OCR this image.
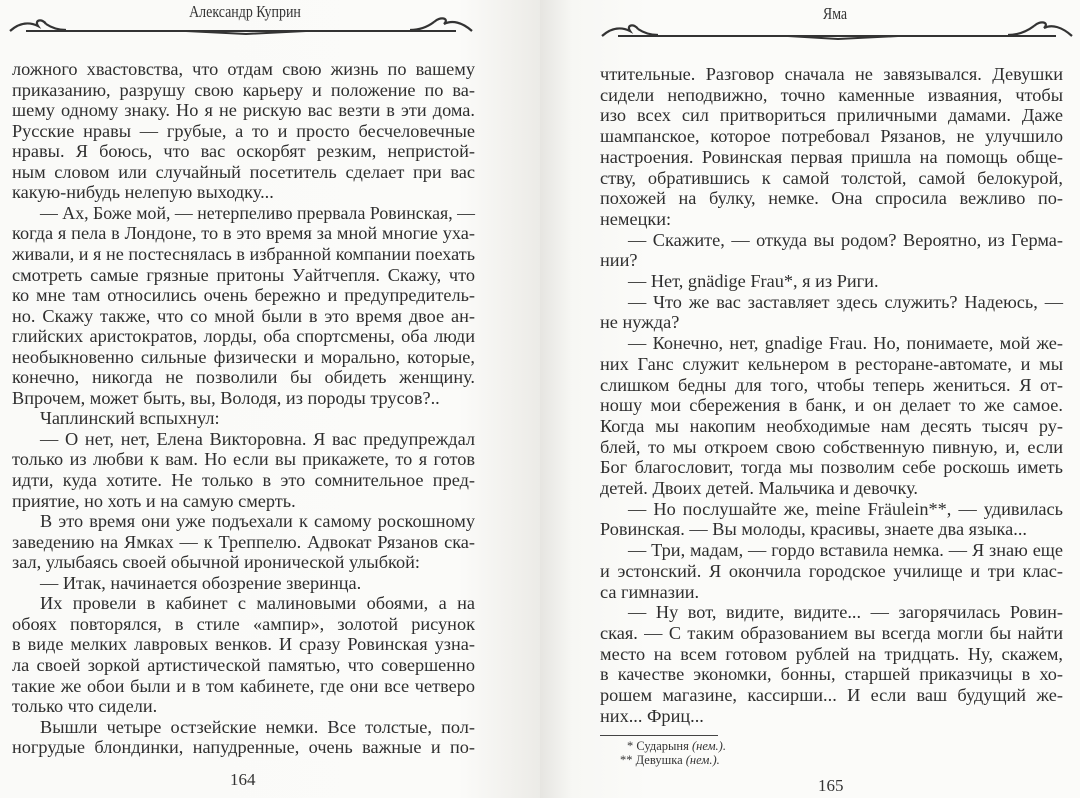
Александр Куприн
ложного хвастовства, что отдам свою жизнь по вашему
приказанию, разрушу свою карьеру и положение по ва-
шему одному знаку. Но я не рискую вас везти в эти дома.
Русские нравы — грубые, а то и просто бесчеловечные
нравы. Я боюсь, что вас оскорбят резким, непристой-
ным словом или случайный посетитель сделает при вас
какую-нибудь нелепую выходку...
— Ах, Боже мой, — нетерпеливо прервала Ровинская, —
когда я пела в Лондоне, то в это время за мной многие уха-
живали, и я не постеснялась в избранной компании поехать
смотреть самые грязные притоны Уайтчепля. Скажу, что
ко мне там относились очень бережно и предупредитель-
но. Скажу также, что со мной были в это время двое ан-
глийских аристократов, лорды, оба спортсмены, оба люди
необыкновенно сильные физически и морально, которые,
конечно, никогда не позволили бы обидеть женщину.
Впрочем, может быть, вы, Володя, из породы трусов?..
Чаплинский вспыхнул:
— О нет, нет, Елена Викторовна. Я вас предупреждал
только из любви к вам. Но если вы прикажете, то я готов
идти, куда хотите. Не только в это сомнительное пред-
приятие, но хоть и на самую смерть.
В это время они уже подъехали к самому роскошному
заведению на Ямках — к Треппелю. Адвокат Рязанов ска-
зал, улыбаясь своей обычной иронической улыбкой:
— Итак, начинается обозрение зверинца.
Их провели в кабинет с малиновыми обоями, а на
обоях повторялся, в стиле «ампир», золотой рисунок
в виде мелких лавровых венков. И сразу Ровинская узна-
ла своей зоркой артистической памятью, что совершенно
такие же обои были и в том кабинете, где они все четверо
только что сидели.
Вышли четыре остзейские немки. Все толстые, пол-
ногрудые блондинки, напудренные, очень важные и по-
164
Яма
чтительные. Разговор сначала не завязывался. Девушки
сидели неподвижно, точно каменные изваяния, чтобы
изо всех сил притвориться приличными дамами. Даже
шампанское, которое потребовал Рязанов, не улучшило
настроения. Ровинская первая пришла на помощь обще-
ству, обратившись к самой толстой, самой белокурой,
похожей на булку, немке. Она спросила вежливо по-
немецки:
— Скажите, — откуда вы родом? Вероятно, из Герма-
нии?
— Нет, gnädige Frau*, я из Риги.
— Что же вас заставляет здесь служить? Надеюсь, —
не нужда?
— Конечно, нет, gnadige Frau. Но, понимаете, мой же-
них Ганс служит кельнером в ресторане-автомате, и мы
слишком бедны для того, чтобы теперь жениться. Я от-
ношу мои сбережения в банк, и он делает то же самое.
Когда мы накопим необходимые нам десять тысяч ру-
блей, то мы откроем свою собственную пивную, и, если
Бог благословит, тогда мы позволим себе роскошь иметь
детей. Двоих детей. Мальчика и девочку.
— Но послушайте же, meine Fräulein**, — удивилась
Ровинская. — Вы молоды, красивы, знаете два языка...
— Три, мадам, — гордо вставила немка. — Я знаю еще
и эстонский. Я окончила городское училище и три клас-
са гимназии.
— Ну вот, видите, видите... — загорячилась Ровин-
ская. — С таким образованием вы всегда могли бы найти
место на всем готовом рублей на тридцать. Ну, скажем,
в качестве экономки, бонны, старшей приказчицы в хо-
рошем магазине, кассирши... И если ваш будущий же-
них... Фриц...
* Сударыня (нем.).
** Девушка (нем.).
165
